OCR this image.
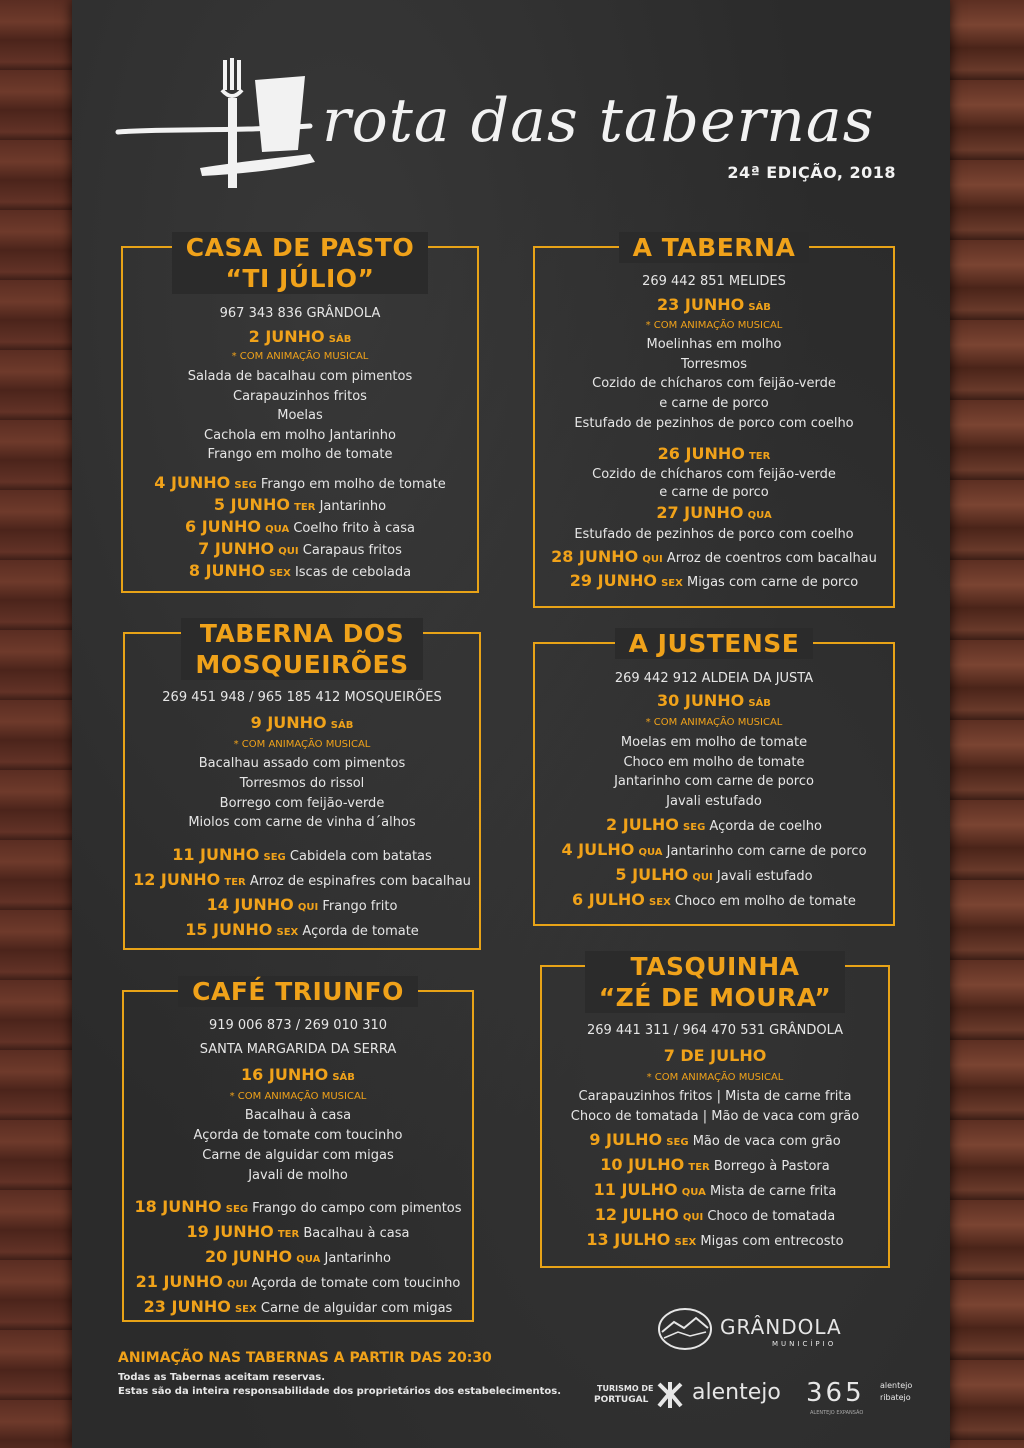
rota das tabernas
24ª EDIÇÃO, 2018
CASA DE PASTO
“TI JÚLIO”
967 343 836 GRÂNDOLA
2 JUNHO SÁB
* COM ANIMAÇÃO MUSICAL
Salada de bacalhau com pimentos
Carapauzinhos fritos
Moelas
Cachola em molho Jantarinho
Frango em molho de tomate
4 JUNHO SEG Frango em molho de tomate
5 JUNHO TER Jantarinho
6 JUNHO QUA Coelho frito à casa
7 JUNHO QUI Carapaus fritos
8 JUNHO SEX Iscas de cebolada
A TABERNA
269 442 851 MELIDES
23 JUNHO SÁB
* COM ANIMAÇÃO MUSICAL
Moelinhas em molho
Torresmos
Cozido de chícharos com feijão-verde
e carne de porco
Estufado de pezinhos de porco com coelho
26 JUNHO TER
Cozido de chícharos com feijão-verde
e carne de porco
27 JUNHO QUA
Estufado de pezinhos de porco com coelho
28 JUNHO QUI Arroz de coentros com bacalhau
29 JUNHO SEX Migas com carne de porco
TABERNA DOS
MOSQUEIRÕES
269 451 948 / 965 185 412 MOSQUEIRÕES
9 JUNHO SÁB
* COM ANIMAÇÃO MUSICAL
Bacalhau assado com pimentos
Torresmos do rissol
Borrego com feijão-verde
Miolos com carne de vinha d´alhos
11 JUNHO SEG Cabidela com batatas
12 JUNHO TER Arroz de espinafres com bacalhau
14 JUNHO QUI Frango frito
15 JUNHO SEX Açorda de tomate
A JUSTENSE
269 442 912 ALDEIA DA JUSTA
30 JUNHO SÁB
* COM ANIMAÇÃO MUSICAL
Moelas em molho de tomate
Choco em molho de tomate
Jantarinho com carne de porco
Javali estufado
2 JULHO SEG Açorda de coelho
4 JULHO QUA Jantarinho com carne de porco
5 JULHO QUI Javali estufado
6 JULHO SEX Choco em molho de tomate
CAFÉ TRIUNFO
919 006 873 / 269 010 310
SANTA MARGARIDA DA SERRA
16 JUNHO SÁB
* COM ANIMAÇÃO MUSICAL
Bacalhau à casa
Açorda de tomate com toucinho
Carne de alguidar com migas
Javali de molho
18 JUNHO SEG Frango do campo com pimentos
19 JUNHO TER Bacalhau à casa
20 JUNHO QUA Jantarinho
21 JUNHO QUI Açorda de tomate com toucinho
23 JUNHO SEX Carne de alguidar com migas
TASQUINHA
“ZÉ DE MOURA”
269 441 311 / 964 470 531 GRÂNDOLA
7 DE JULHO
* COM ANIMAÇÃO MUSICAL
Carapauzinhos fritos | Mista de carne frita
Choco de tomatada | Mão de vaca com grão
9 JULHO SEG Mão de vaca com grão
10 JULHO TER Borrego à Pastora
11 JULHO QUA Mista de carne frita
12 JULHO QUI Choco de tomatada
13 JULHO SEX Migas com entrecosto
ANIMAÇÃO NAS TABERNAS A PARTIR DAS 20:30
Todas as Tabernas aceitam reservas.
Estas são da inteira responsabilidade dos proprietários dos estabelecimentos.
GRÂNDOLA
MUNICÍPIO
TURISMO DE
PORTUGAL alentejo 365 alentejo
ribatejo
ALENTEJO EXPANSÃO
